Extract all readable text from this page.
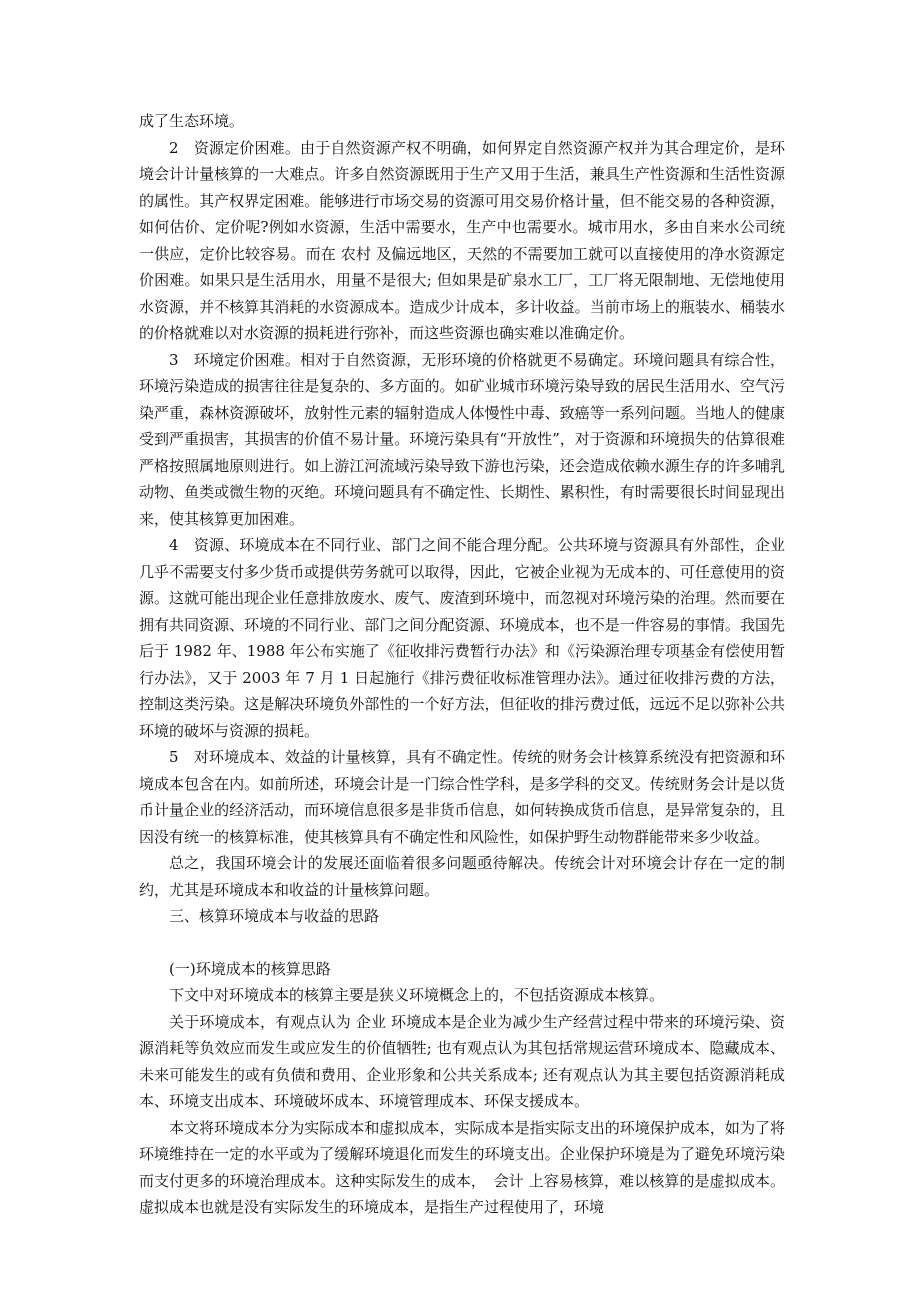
成了生态环境。

2　资源定价困难。由于自然资源产权不明确，如何界定自然资源产权并为其合理定价，是环境会计计量核算的一大难点。许多自然资源既用于生产又用于生活，兼具生产性资源和生活性资源的属性。其产权界定困难。能够进行市场交易的资源可用交易价格计量，但不能交易的各种资源，如何估价、定价呢?例如水资源，生活中需要水，生产中也需要水。城市用水，多由自来水公司统一供应，定价比较容易。而在 农村 及偏远地区，天然的不需要加工就可以直接使用的净水资源定价困难。如果只是生活用水，用量不是很大; 但如果是矿泉水工厂，工厂将无限制地、无偿地使用水资源，并不核算其消耗的水资源成本。造成少计成本，多计收益。当前市场上的瓶装水、桶装水的价格就难以对水资源的损耗进行弥补，而这些资源也确实难以准确定价。

3　环境定价困难。相对于自然资源，无形环境的价格就更不易确定。环境问题具有综合性，环境污染造成的损害往往是复杂的、多方面的。如矿业城市环境污染导致的居民生活用水、空气污染严重，森林资源破坏，放射性元素的辐射造成人体慢性中毒、致癌等一系列问题。当地人的健康受到严重损害，其损害的价值不易计量。环境污染具有“开放性”，对于资源和环境损失的估算很难严格按照属地原则进行。如上游江河流域污染导致下游也污染，还会造成依赖水源生存的许多哺乳动物、鱼类或微生物的灭绝。环境问题具有不确定性、长期性、累积性，有时需要很长时间显现出来，使其核算更加困难。

4　资源、环境成本在不同行业、部门之间不能合理分配。公共环境与资源具有外部性，企业几乎不需要支付多少货币或提供劳务就可以取得，因此，它被企业视为无成本的、可任意使用的资源。这就可能出现企业任意排放废水、废气、废渣到环境中，而忽视对环境污染的治理。然而要在拥有共同资源、环境的不同行业、部门之间分配资源、环境成本，也不是一件容易的事情。我国先后于 1982 年、1988 年公布实施了《征收排污费暂行办法》和《污染源治理专项基金有偿使用暂行办法》，又于 2003 年 7 月 1 日起施行《排污费征收标准管理办法》。通过征收排污费的方法，控制这类污染。这是解决环境负外部性的一个好方法，但征收的排污费过低，远远不足以弥补公共环境的破坏与资源的损耗。

5　对环境成本、效益的计量核算，具有不确定性。传统的财务会计核算系统没有把资源和环境成本包含在内。如前所述，环境会计是一门综合性学科，是多学科的交叉。传统财务会计是以货币计量企业的经济活动，而环境信息很多是非货币信息，如何转换成货币信息，是异常复杂的，且因没有统一的核算标准，使其核算具有不确定性和风险性，如保护野生动物群能带来多少收益。

总之，我国环境会计的发展还面临着很多问题亟待解决。传统会计对环境会计存在一定的制约，尤其是环境成本和收益的计量核算问题。

三、核算环境成本与收益的思路

(一)环境成本的核算思路

下文中对环境成本的核算主要是狭义环境概念上的，不包括资源成本核算。

关于环境成本，有观点认为 企业 环境成本是企业为减少生产经营过程中带来的环境污染、资源消耗等负效应而发生或应发生的价值牺牲; 也有观点认为其包括常规运营环境成本、隐藏成本、未来可能发生的或有负债和费用、企业形象和公共关系成本; 还有观点认为其主要包括资源消耗成本、环境支出成本、环境破坏成本、环境管理成本、环保支援成本。

本文将环境成本分为实际成本和虚拟成本，实际成本是指实际支出的环境保护成本，如为了将环境维持在一定的水平或为了缓解环境退化而发生的环境支出。企业保护环境是为了避免环境污染而支付更多的环境治理成本。这种实际发生的成本，　会计 上容易核算，难以核算的是虚拟成本。虚拟成本也就是没有实际发生的环境成本，是指生产过程使用了，环境
